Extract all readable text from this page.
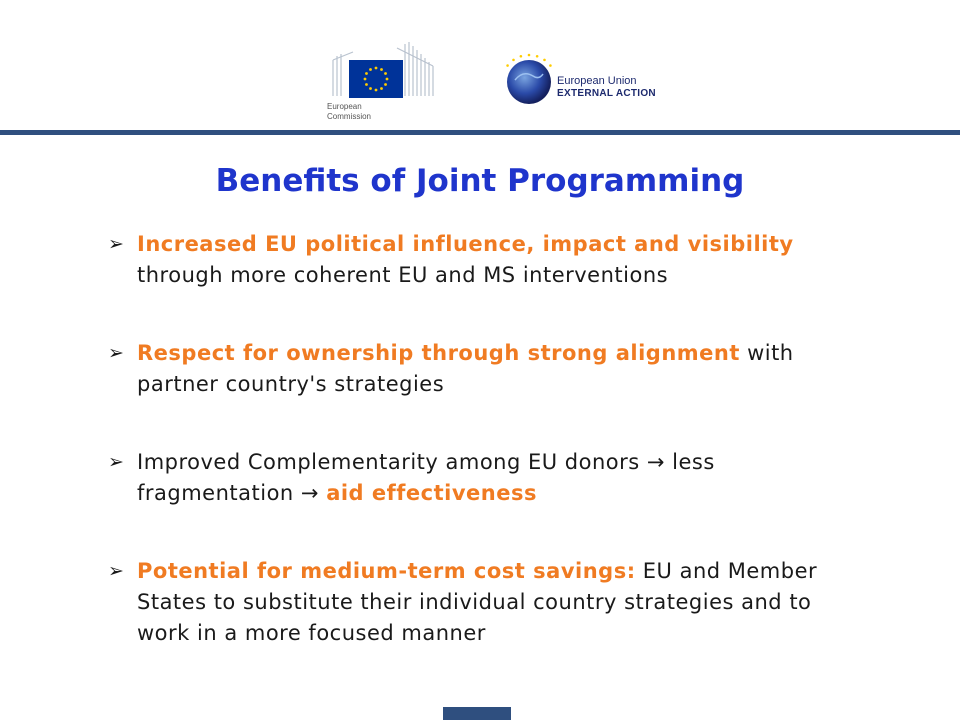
European
Commission
European Union
EXTERNAL ACTION
Benefits of Joint Programming
➢ Increased EU political influence, impact and visibility through more coherent EU and MS interventions
➢ Respect for ownership through strong alignment with partner country's strategies
➢ Improved Complementarity among EU donors → less fragmentation → aid effectiveness
➢ Potential for medium-term cost savings: EU and Member States to substitute their individual country strategies and to work in a more focused manner
